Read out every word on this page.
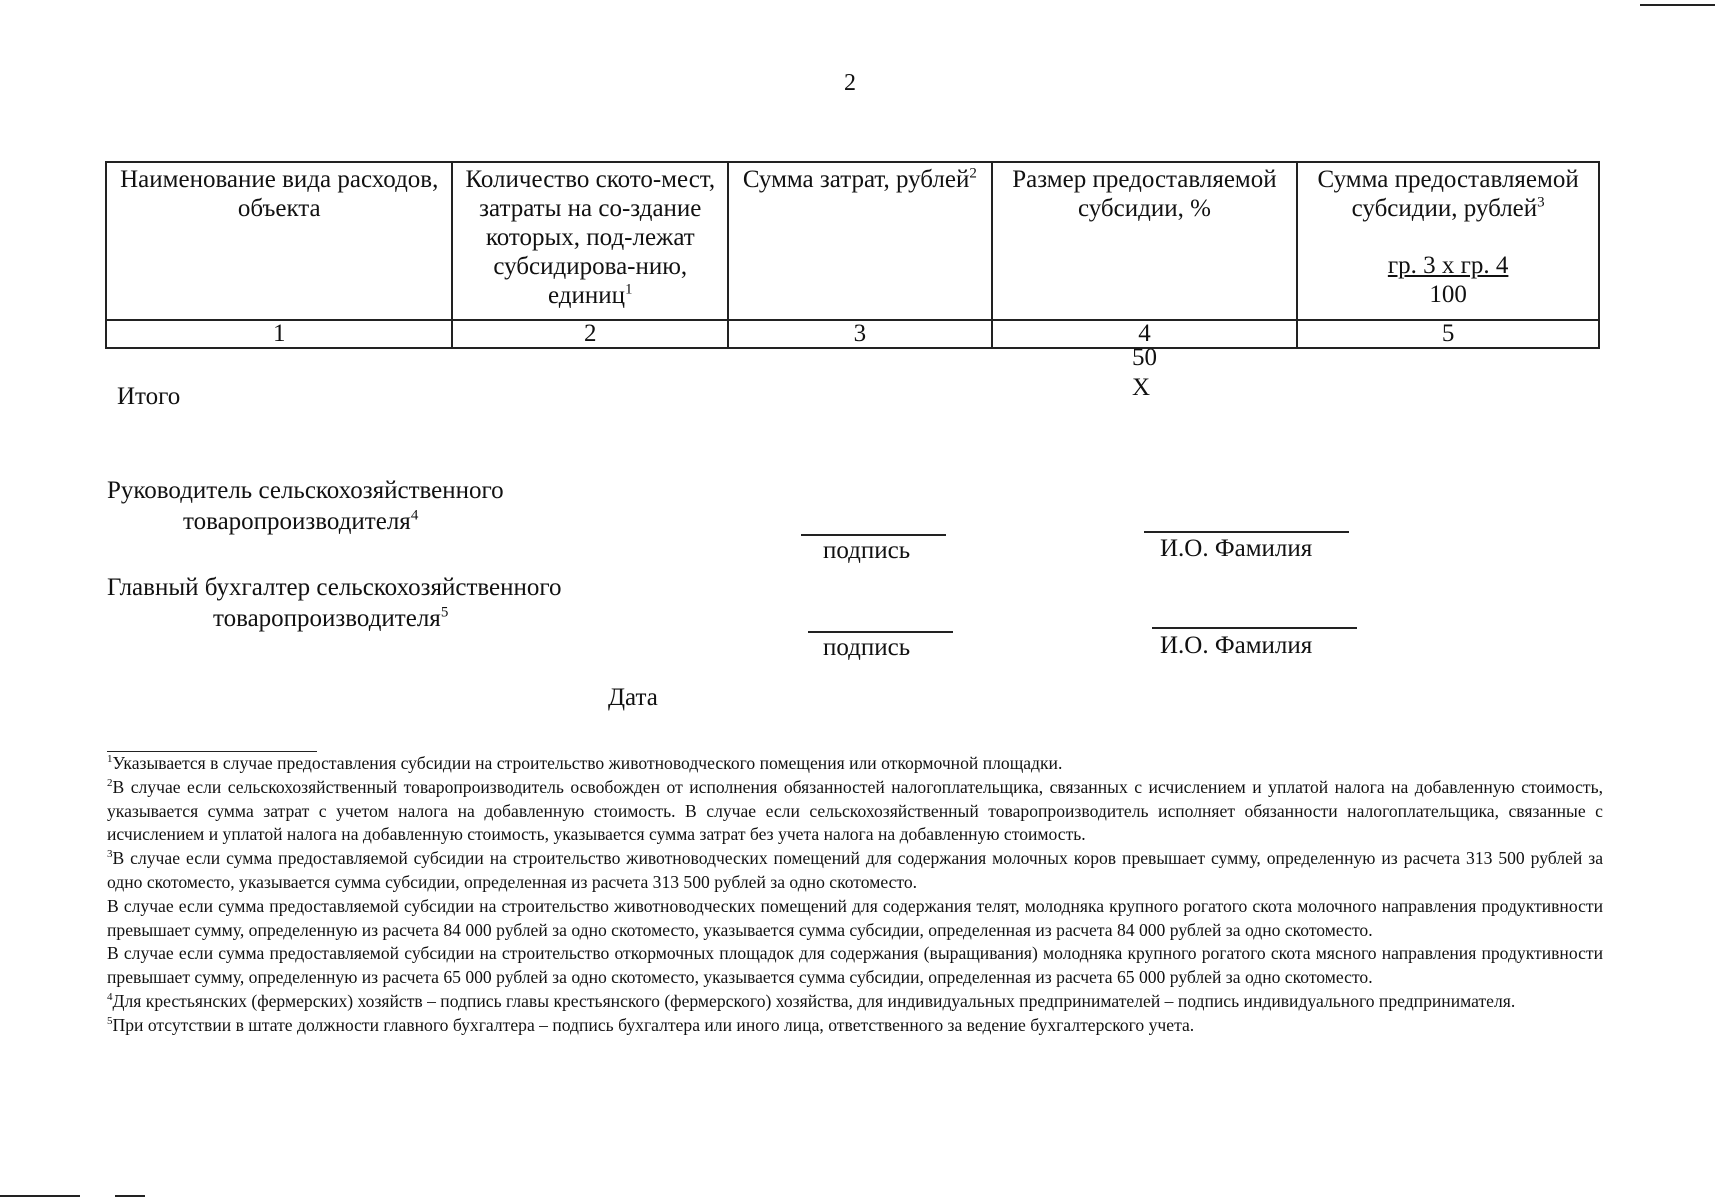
2
Наименование вида расходов, объекта	Количество ското-мест, затраты на со-здание которых, под-лежат субсидирова-нию, единиц$^1$	Сумма затрат, рублей$^2$	Размер предоставляемой субсидии, %	Сумма предоставляемой субсидии, рублей$^3$
гр. 3 х гр. 4
100

1	2	3	4	5
50
Х
Итого
Руководитель сельскохозяйственного
товаропроизводителя$^4$
подпись	И.О. Фамилия
Главный бухгалтер сельскохозяйственного
товаропроизводителя$^5$
подпись	И.О. Фамилия
Дата

$^1$Указывается в случае предоставления субсидии на строительство животноводческого помещения или откормочной площадки.

$^2$В случае если сельскохозяйственный товаропроизводитель освобожден от исполнения обязанностей налогоплательщика, связанных с исчислением и уплатой налога на добавленную стоимость, указывается сумма затрат с учетом налога на добавленную стоимость. В случае если сельскохозяйственный товаропроизводитель исполняет обязанности налогоплательщика, связанные с исчислением и уплатой налога на добавленную стоимость, указывается сумма затрат без учета налога на добавленную стоимость.

$^3$В случае если сумма предоставляемой субсидии на строительство животноводческих помещений для содержания молочных коров превышает сумму, определенную из расчета 313 500 рублей за одно скотоместо, указывается сумма субсидии, определенная из расчета 313 500 рублей за одно скотоместо.

В случае если сумма предоставляемой субсидии на строительство животноводческих помещений для содержания телят, молодняка крупного рогатого скота молочного направления продуктивности превышает сумму, определенную из расчета 84 000 рублей за одно скотоместо, указывается сумма субсидии, определенная из расчета 84 000 рублей за одно скотоместо.

В случае если сумма предоставляемой субсидии на строительство откормочных площадок для содержания (выращивания) молодняка крупного рогатого скота мясного направления продуктивности превышает сумму, определенную из расчета 65 000 рублей за одно скотоместо, указывается сумма субсидии, определенная из расчета 65 000 рублей за одно скотоместо.

$^4$Для крестьянских (фермерских) хозяйств – подпись главы крестьянского (фермерского) хозяйства, для индивидуальных предпринимателей – подпись индивидуального предпринимателя.

$^5$При отсутствии в штате должности главного бухгалтера – подпись бухгалтера или иного лица, ответственного за ведение бухгалтерского учета.
